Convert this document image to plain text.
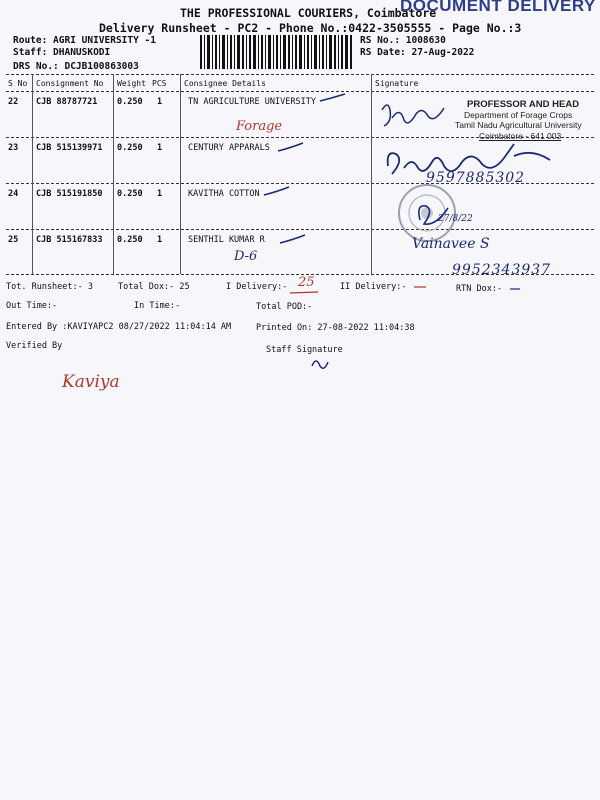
THE PROFESSIONAL COURIERS, Coimbatore
DOCUMENT DELIVERY
Delivery Runsheet - PC2 - Phone No.:0422-3505555 - Page No.:3
Route: AGRI UNIVERSITY -1
Staff: DHANUSKODI
DRS No.: DCJB100863003
RS No.: 1008630
RS Date: 27-Aug-2022
S No Consignment No Weight PCS Consignee Details	Signature
22 CJB 88787721 0.250 1	TN AGRICULTURE UNIVERSITY
23 CJB 515139971 0.250 1	CENTURY APPARALS
24 CJB 515191850 0.250 1	KAVITHA COTTON
25 CJB 515167833 0.250 1	SENTHIL KUMAR R
Forage
D-6
PROFESSOR AND HEAD
Department of Forage Crops
Tamil Nadu Agricultural University
Coimbatore - 641 003
9597885302
27/8/22
Vainavee S
9952343937
Tot. Runsheet:- 3	Total Dox:- 25	I Delivery:- 25	II Delivery:-	RTN Dox:-
Out Time:-	In Time:-	Total POD:-
Entered By :KAVIYAPC2 08/27/2022 11:04:14 AM	Printed On: 27-08-2022 11:04:38
Verified By	Staff Signature
Kaviya
